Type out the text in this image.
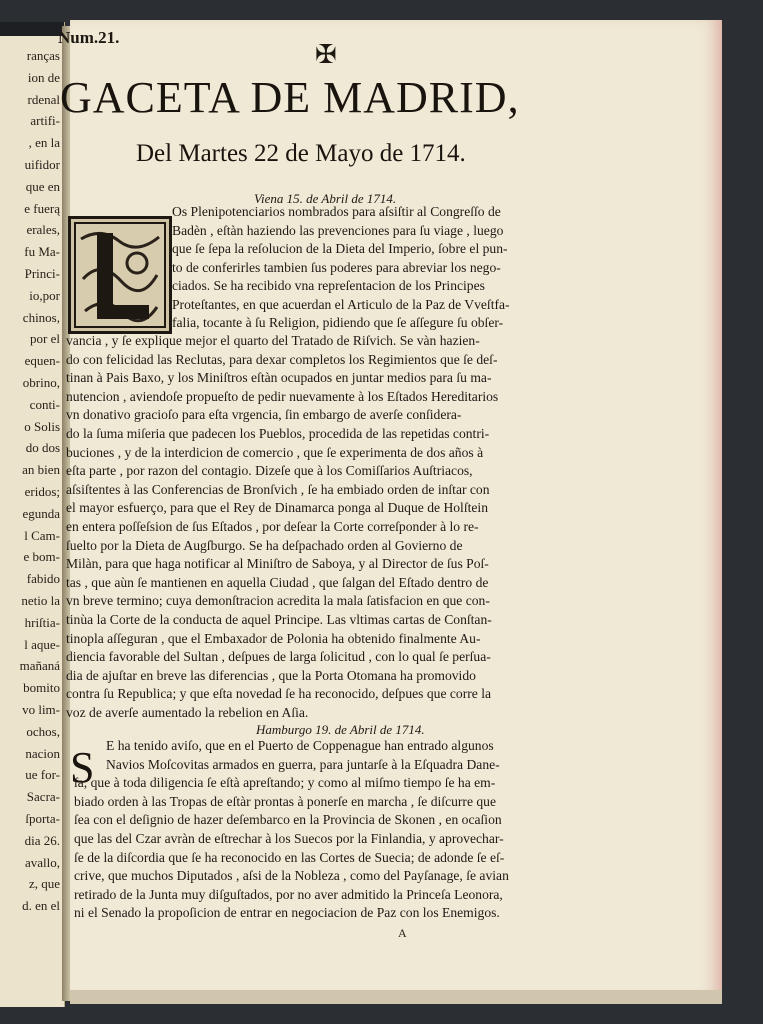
ranças
ion de
rdenal
artifi-
, en la
uifidor
que en
e fuerą
erales,
fu Ma-
Princi-
io,por
chinos,
por el
equen-
obrino,
conti-
o Solis
do dos
an bien
eridos;
egunda
l Cam-
e bom-
fabido
netio la
hriſtia-
l aque-
mañaná
bomito
vo lim-
ochos,
nacion
ue for-
Sacra-
ſporta-
dia 26.
avallo,
z, que
d. en el
Num.21.
✠
GACETA DE MADRID,
Del Martes 22 de Mayo de 1714.
Viena 15. de Abril de 1714.
Os Plenipotenciarios nombrados para aſsiſtir al Congreſſo de
Badèn , eſtàn haziendo las prevenciones para ſu viage , luego
que ſe ſepa la reſolucion de la Dieta del Imperio, ſobre el pun-
to de conferirles tambien ſus poderes para abreviar los nego-
ciados. Se ha recibido vna repreſentacion de los Principes
Proteſtantes, en que acuerdan el Articulo de la Paz de Vveſtfa-
falia, tocante à ſu Religion, pidiendo que ſe aſſegure ſu obſer-
vancia , y ſe explique mejor el quarto del Tratado de Riſvich. Se vàn hazien-
do con felicidad las Reclutas, para dexar completos los Regimientos que ſe deſ-
tinan à Pais Baxo, y los Miniſtros eſtàn ocupados en juntar medios para ſu ma-
nutencion , aviendoſe propueſto de pedir nuevamente à los Eſtados Hereditarios
vn donativo gracioſo para eſta vrgencia, ſin embargo de averſe conſidera-
do la ſuma miſeria que padecen los Pueblos, procedida de las repetidas contri-
buciones , y de la interdicion de comercio , que ſe experimenta de dos años à
eſta parte , por razon del contagio. Dizeſe que à los Comiſſarios Auſtriacos,
aſsiſtentes à las Conferencias de Bronſvich , ſe ha embiado orden de inſtar con
el mayor esfuerço, para que el Rey de Dinamarca ponga al Duque de Holſtein
en entera poſſeſsion de ſus Eſtados , por deſear la Corte correſponder à lo re-
ſuelto por la Dieta de Augſburgo. Se ha deſpachado orden al Govierno de
Milàn, para que haga notificar al Miniſtro de Saboya, y al Director de ſus Poſ-
tas , que aùn ſe mantienen en aquella Ciudad , que ſalgan del Eſtado dentro de
vn breve termino; cuya demonſtracion acredita la mala ſatisfacion en que con-
tinùa la Corte de la conducta de aquel Principe. Las vltimas cartas de Conſtan-
tinopla aſſeguran , que el Embaxador de Polonia ha obtenido finalmente Au-
diencia favorable del Sultan , deſpues de larga ſolicitud , con lo qual ſe perſua-
dia de ajuſtar en breve las diferencias , que la Porta Otomana ha promovido
contra ſu Republica; y que eſta novedad ſe ha reconocido, deſpues que corre la
voz de averſe aumentado la rebelion en Aſia.
Hamburgo 19. de Abril de 1714.
S E ha tenido aviſo, que en el Puerto de Coppenague han entrado algunos
Navios Moſcovitas armados en guerra, para juntarſe à la Eſquadra Dane-
ſa, que à toda diligencia ſe eſtà apreſtando; y como al miſmo tiempo ſe ha em-
biado orden à las Tropas de eſtàr prontas à ponerſe en marcha , ſe diſcurre que
ſea con el deſignio de hazer deſembarco en la Provincia de Skonen , en ocaſion
que las del Czar avràn de eſtrechar à los Suecos por la Finlandia, y aprovechar-
ſe de la diſcordia que ſe ha reconocido en las Cortes de Suecia; de adonde ſe eſ-
crive, que muchos Diputados , aſsi de la Nobleza , como del Payſanage, ſe avian
retirado de la Junta muy diſguſtados, por no aver admitido la Princeſa Leonora,
ni el Senado la propoſicion de entrar en negociacion de Paz con los Enemigos.
A
